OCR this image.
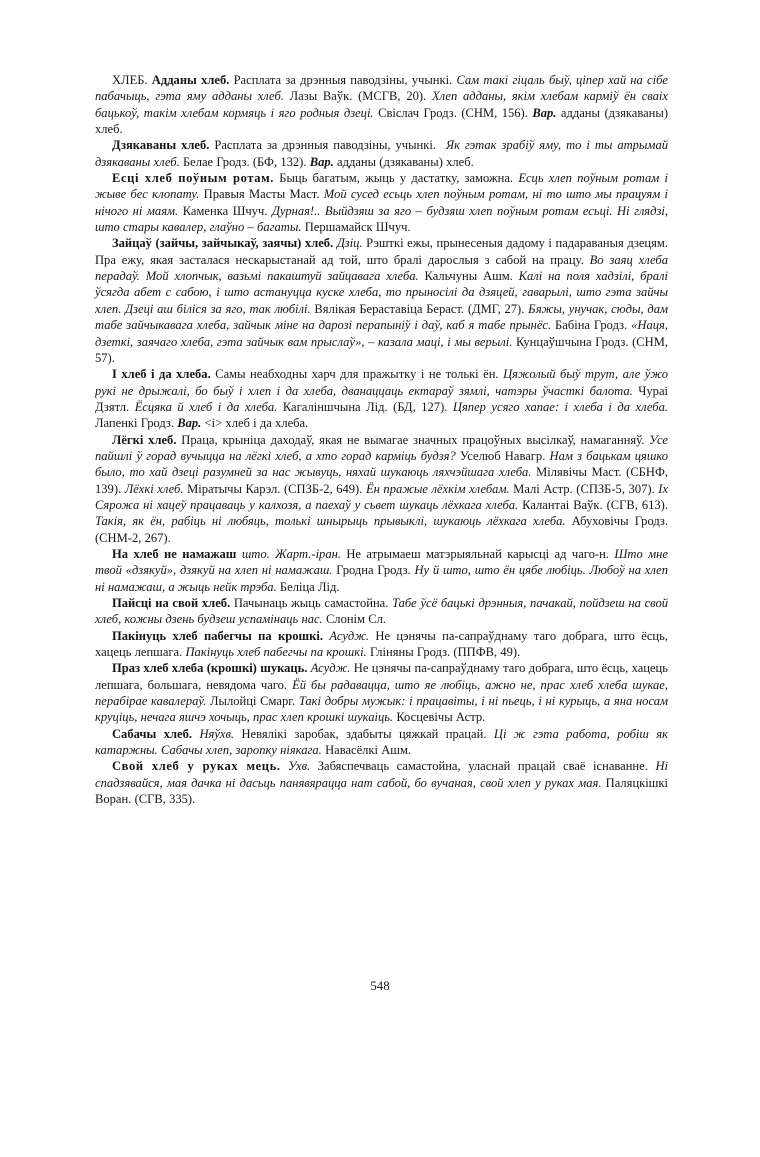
ХЛЕБ. Адданы хлеб. Расплата за дрэнныя паводзіны, учынкі. Сам такі гіцаль быў, ціпер хай на сібе пабачыць, гэта яму адданы хлеб. Лазы Ваўк. (МСГВ, 20). Хлеп адданы, якім хлебам карміў ён сваіх бацькоў, такім хлебам кормяць і яго родныя дзеці. Свіслач Гродз. (СНМ, 156). Вар. адданы (дзякаваны) хлеб.

Дзякаваны хлеб. Расплата за дрэнныя паводзіны, учынкі.  Як гэтак зрабіў яму, то і ты атрымай дзякаваны хлеб. Белае Гродз. (БФ, 132). Вар. адданы (дзякаваны) хлеб.

Есці хлеб поўным ротам. Быць багатым, жыць у дастатку, заможна. Есць хлеп поўным ротам і жыве бес клопату. Правыя Масты Маст. Мой сусед есьць хлеп поўным ротам, ні то што мы працуям і нічого ні маям. Каменка Шчуч. Дурная!.. Выйдзяш за яго – будзяш хлеп поўным ротам есьці. Ні глядзі, што стары кавалер, глаўно – багаты. Першамайск Шчуч.

Зайцаў (зайчы, зайчыкаў, заячы) хлеб. Дзіц. Рэшткі ежы, прынесеныя дадому і падараваныя дзецям. Пра ежу, якая засталася нескарыстанай ад той, што бралі дарослыя з сабой на працу. Во заяц хлеба перадаў. Мой хлопчык, вазьмі пакаштуй зайцавага хлеба. Кальчуны Ашм. Калі на поля хадзілі, бралі ўсягда абет с сабою, і што астануцца куске хлеба, то прыносілі да дзяцей, гаварылі, што гэта зайчы хлеп. Дзеці аш біліся за яго, так любілі. Вялікая Бераставіца Бераст. (ДМГ, 27). Бяжы, унучак, сюды, дам табе зайчыкавага хлеба, зайчык міне на дарозі перапыніў і даў, каб я табе прынёс. Бабіна Гродз. «Наця, дзеткі, заячаго хлеба, гэта зайчык вам прыслаў», – казала маці, і мы верылі. Кунцаўшчына Гродз. (СНМ, 57).

І хлеб і да хлеба. Самы неабходны харч для пражытку і не толькі ён. Цяжолый быў трут, але ўжо рукі не дрыжалі, бо быў і хлеп і да хлеба, дванаццаць ектараў зямлі, чатэры ўчасткі балота. Чураі Дзятл. Ёсцяка й хлеб і да хлеба. Кагаліншчына Лід. (БД, 127). Цяпер усяго хапае: і хлеба і да хлеба. Лапенкі Гродз. Вар. <і> хлеб і да хлеба.

Лёгкі хлеб. Праца, крыніца даходаў, якая не вымагае значных працоўных высілкаў, намаганняў. Усе пайшлі ў горад вучыцца на лёгкі хлеб, а хто горад карміць будзя? Уселюб Навагр. Нам з бацькам цяшко было, то хай дзеці разумней за нас жывуць, няхай шукаюць ляхчэйшага хлеба. Мілявічы Маст. (СБНФ, 139). Лёхкі хлеб. Міратычы Карэл. (СПЗБ-2, 649). Ён пражые лёхкім хлебам. Малі Астр. (СПЗБ-5, 307). Іх Сярожа ні хацеў працаваць у калхозя, а паехаў у сьвет шукаць лёхкага хлеба. Калантаі Ваўк. (СГВ, 613). Такія, як ён, рабіць ні любяць, толькі шнырыць прывыклі, шукаюць лёхкага хлеба. Абуховічы Гродз. (СНМ-2, 267).

На хлеб не намажаш што. Жарт.-іран. Не атрымаеш матэрыяльнай карысці ад чаго-н. Што мне твой «дзякуй», дзякуй на хлеп ні намажаш. Гродна Гродз. Ну й што, што ён цябе любіць. Любоў на хлеп ні намажаш, а жыць нейк трэба. Беліца Лід.

Пайсці на свой хлеб. Пачынаць жыць самастойна. Табе ўсё бацькі дрэнныя, пачакай, пойдзеш на свой хлеб, кожны дзень будзеш успамінаць нас. Слонім Сл.

Пакінуць хлеб пабегчы па крошкі. Асудж. Не цэнячы па-сапраўднаму таго добрага, што ёсць, хацець лепшага. Пакінуць хлеб пабегчы па крошкі. Гліняны Гродз. (ППФВ, 49).

Праз хлеб хлеба (крошкі) шукаць. Асудж. Не цэнячы па-сапраўднаму таго добрага, што ёсць, хацець лепшага, большага, невядома чаго. Ёй бы радавацца, што яе любіць, ажно не, прас хлеб хлеба шукае, перабірае кавалераў. Лылойці Смарг. Такі добры мужык: і працавіты, і ні пьець, і ні курыць, а яна носам круціць, нечага яшчэ хочыць, прас хлеп крошкі шукаіць. Косцевічы Астр.

Сабачы хлеб. Няўхв. Невялікі заробак, здабыты цяжкай працай. Ці ж гэта работа, робіш як катаржны. Сабачы хлеп, заропку ніякага. Навасёлкі Ашм.

Свой хлеб у руках мець. Ухв. Забяспечваць самастойна, уласнай працай сваё існаванне. Ні спадзявайся, мая дачка ні дасьць панявярацца нат сабой, бо вучаная, свой хлеп у руках мая. Паляцкішкі Воран. (СГВ, 335).

548
